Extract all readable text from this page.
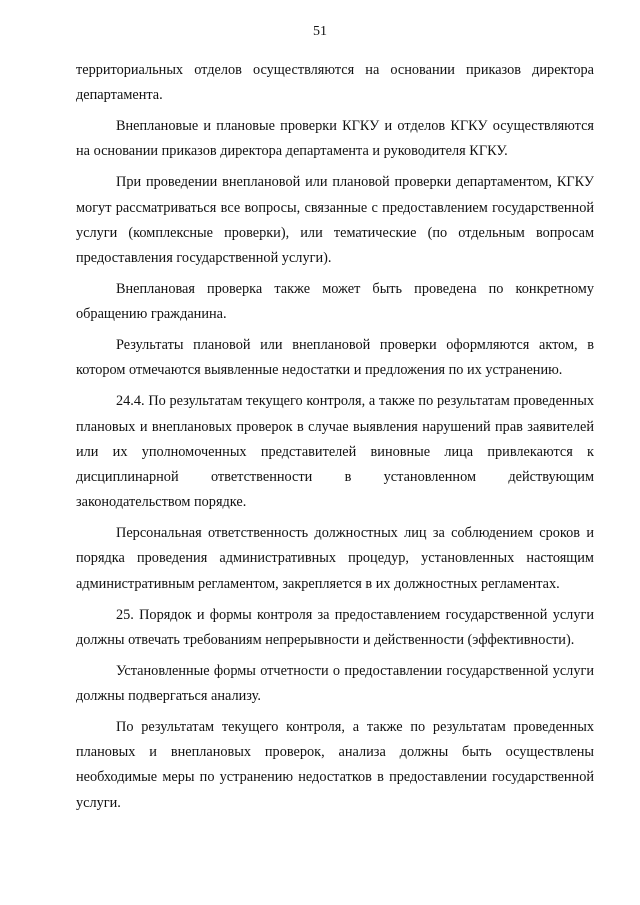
51

территориальных отделов осуществляются на основании приказов директора департамента.

Внеплановые и плановые проверки КГКУ и отделов КГКУ осуществляются на основании приказов директора департамента и руководителя КГКУ.

При проведении внеплановой или плановой проверки департаментом, КГКУ могут рассматриваться все вопросы, связанные с предоставлением государственной услуги (комплексные проверки), или тематические (по отдельным вопросам предоставления государственной услуги).

Внеплановая проверка также может быть проведена по конкретному обращению гражданина.

Результаты плановой или внеплановой проверки оформляются актом, в котором отмечаются выявленные недостатки и предложения по их устранению.

24.4. По результатам текущего контроля, а также по результатам проведенных плановых и внеплановых проверок в случае выявления нарушений прав заявителей или их уполномоченных представителей виновные лица привлекаются к дисциплинарной ответственности в установленном действующим законодательством порядке.

Персональная ответственность должностных лиц за соблюдением сроков и порядка проведения административных процедур, установленных настоящим административным регламентом, закрепляется в их должностных регламентах.

25. Порядок и формы контроля за предоставлением государственной услуги должны отвечать требованиям непрерывности и действенности (эффективности).

Установленные формы отчетности о предоставлении государственной услуги должны подвергаться анализу.

По результатам текущего контроля, а также по результатам проведенных плановых и внеплановых проверок, анализа должны быть осуществлены необходимые меры по устранению недостатков в предоставлении государственной услуги.
